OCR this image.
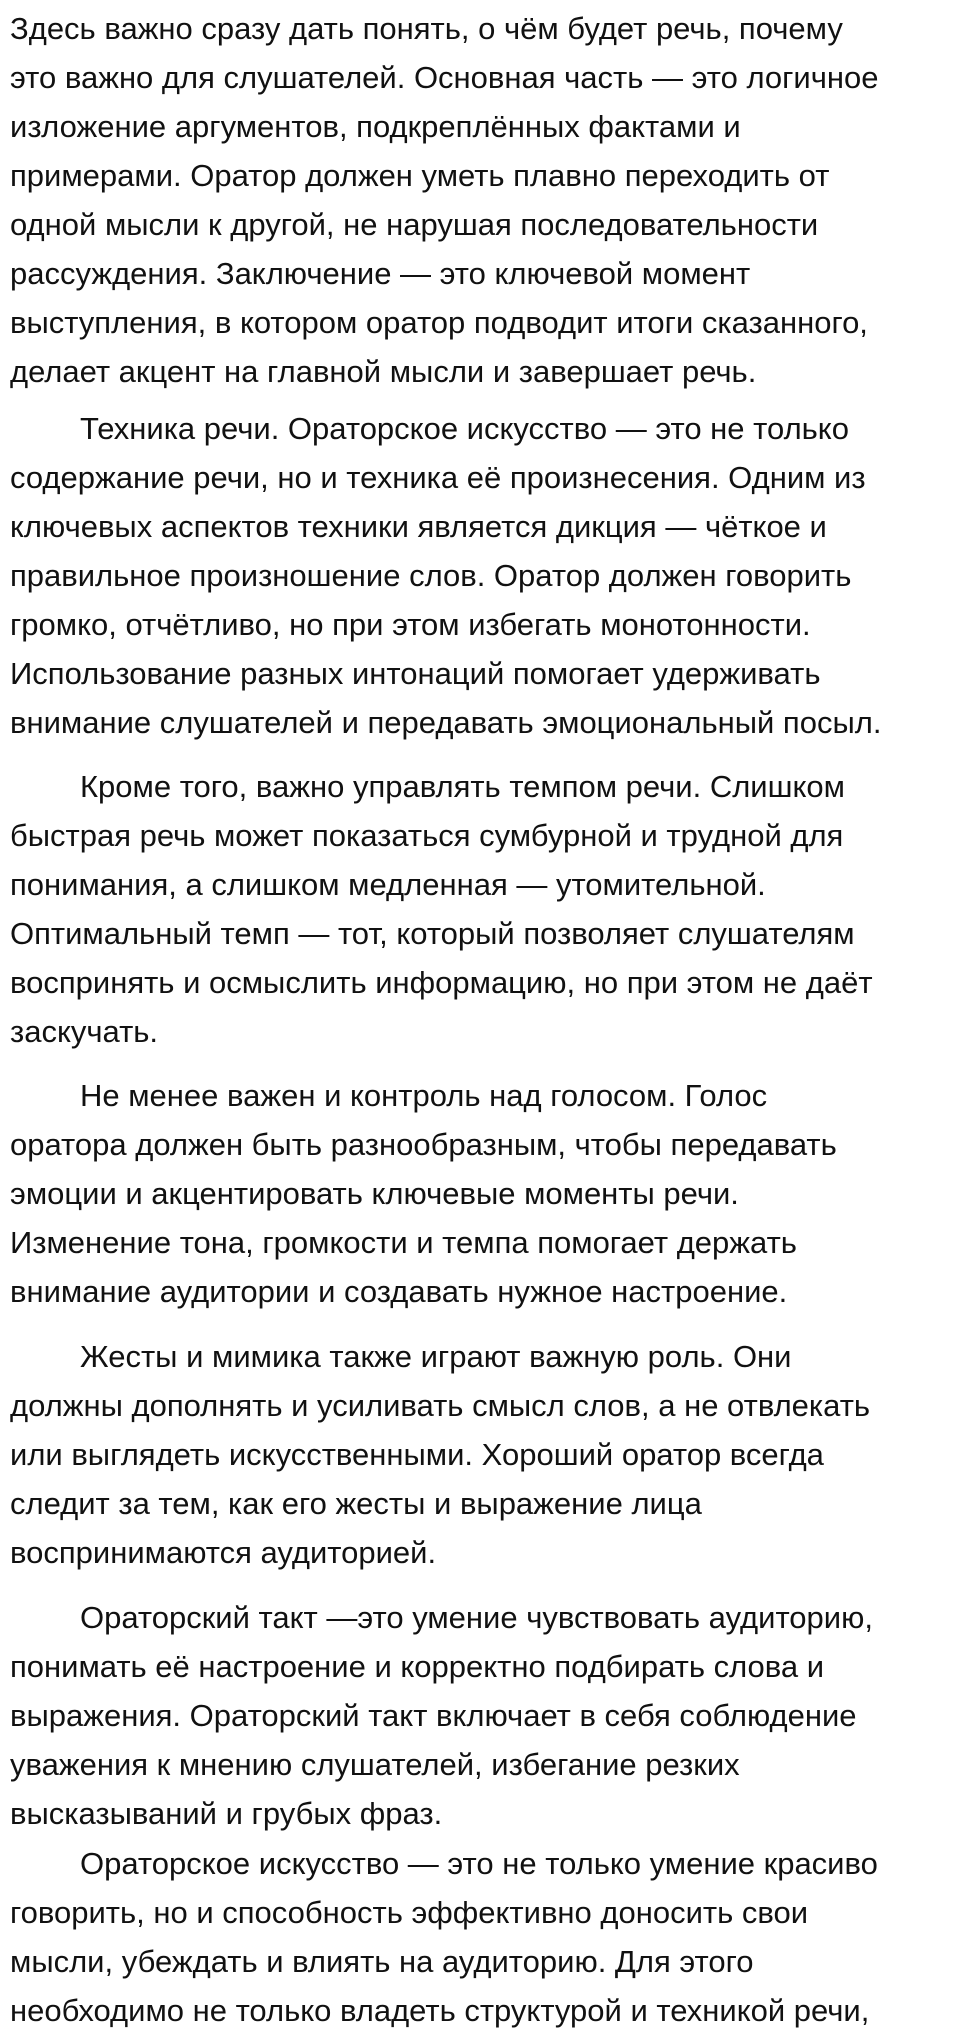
Здесь важно сразу дать понять, о чём будет речь, почему
это важно для слушателей. Основная часть — это логичное
изложение аргументов, подкреплённых фактами и
примерами. Оратор должен уметь плавно переходить от
одной мысли к другой, не нарушая последовательности
рассуждения. Заключение — это ключевой момент
выступления, в котором оратор подводит итоги сказанного,
делает акцент на главной мысли и завершает речь.
Техника речи. Ораторское искусство — это не только
содержание речи, но и техника её произнесения. Одним из
ключевых аспектов техники является дикция — чёткое и
правильное произношение слов. Оратор должен говорить
громко, отчётливо, но при этом избегать монотонности.
Использование разных интонаций помогает удерживать
внимание слушателей и передавать эмоциональный посыл.
Кроме того, важно управлять темпом речи. Слишком
быстрая речь может показаться сумбурной и трудной для
понимания, а слишком медленная — утомительной.
Оптимальный темп — тот, который позволяет слушателям
воспринять и осмыслить информацию, но при этом не даёт
заскучать.
Не менее важен и контроль над голосом. Голос
оратора должен быть разнообразным, чтобы передавать
эмоции и акцентировать ключевые моменты речи.
Изменение тона, громкости и темпа помогает держать
внимание аудитории и создавать нужное настроение.
Жесты и мимика также играют важную роль. Они
должны дополнять и усиливать смысл слов, а не отвлекать
или выглядеть искусственными. Хороший оратор всегда
следит за тем, как его жесты и выражение лица
воспринимаются аудиторией.
Ораторский такт —это умение чувствовать аудиторию,
понимать её настроение и корректно подбирать слова и
выражения. Ораторский такт включает в себя соблюдение
уважения к мнению слушателей, избегание резких
высказываний и грубых фраз.
Ораторское искусство — это не только умение красиво
говорить, но и способность эффективно доносить свои
мысли, убеждать и влиять на аудиторию. Для этого
необходимо не только владеть структурой и техникой речи,
